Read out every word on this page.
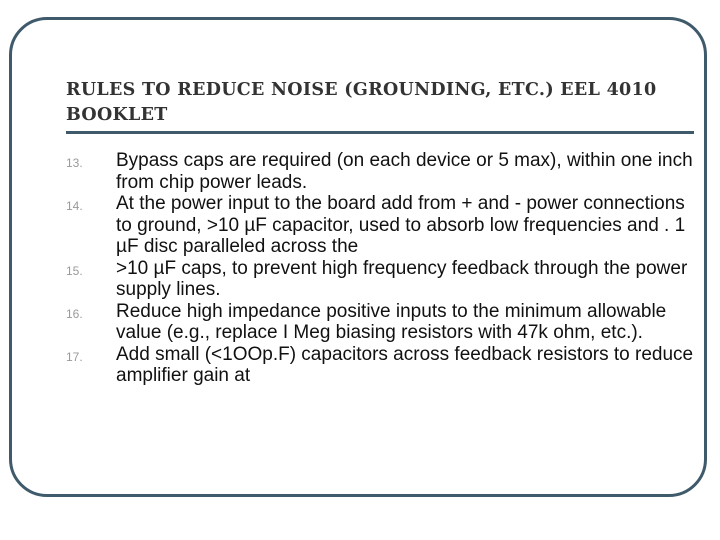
RULES TO REDUCE NOISE (GROUNDING, ETC.) EEL 4010 BOOKLET
13.	Bypass caps are required (on each device or 5 max), within one inch from chip power leads.
14.	At the power input to the board add from + and - power connections to ground, >10 µF capacitor, used to absorb low frequencies and . 1 µF disc paralleled across the
15.	>10 µF caps, to prevent high frequency feedback through the power supply lines.
16.	Reduce high impedance positive inputs to the minimum allowable value (e.g., replace I Meg biasing resistors with 47k ohm, etc.).
17.	Add small (<1OOp.F) capacitors across feedback resistors to reduce amplifier gain at
